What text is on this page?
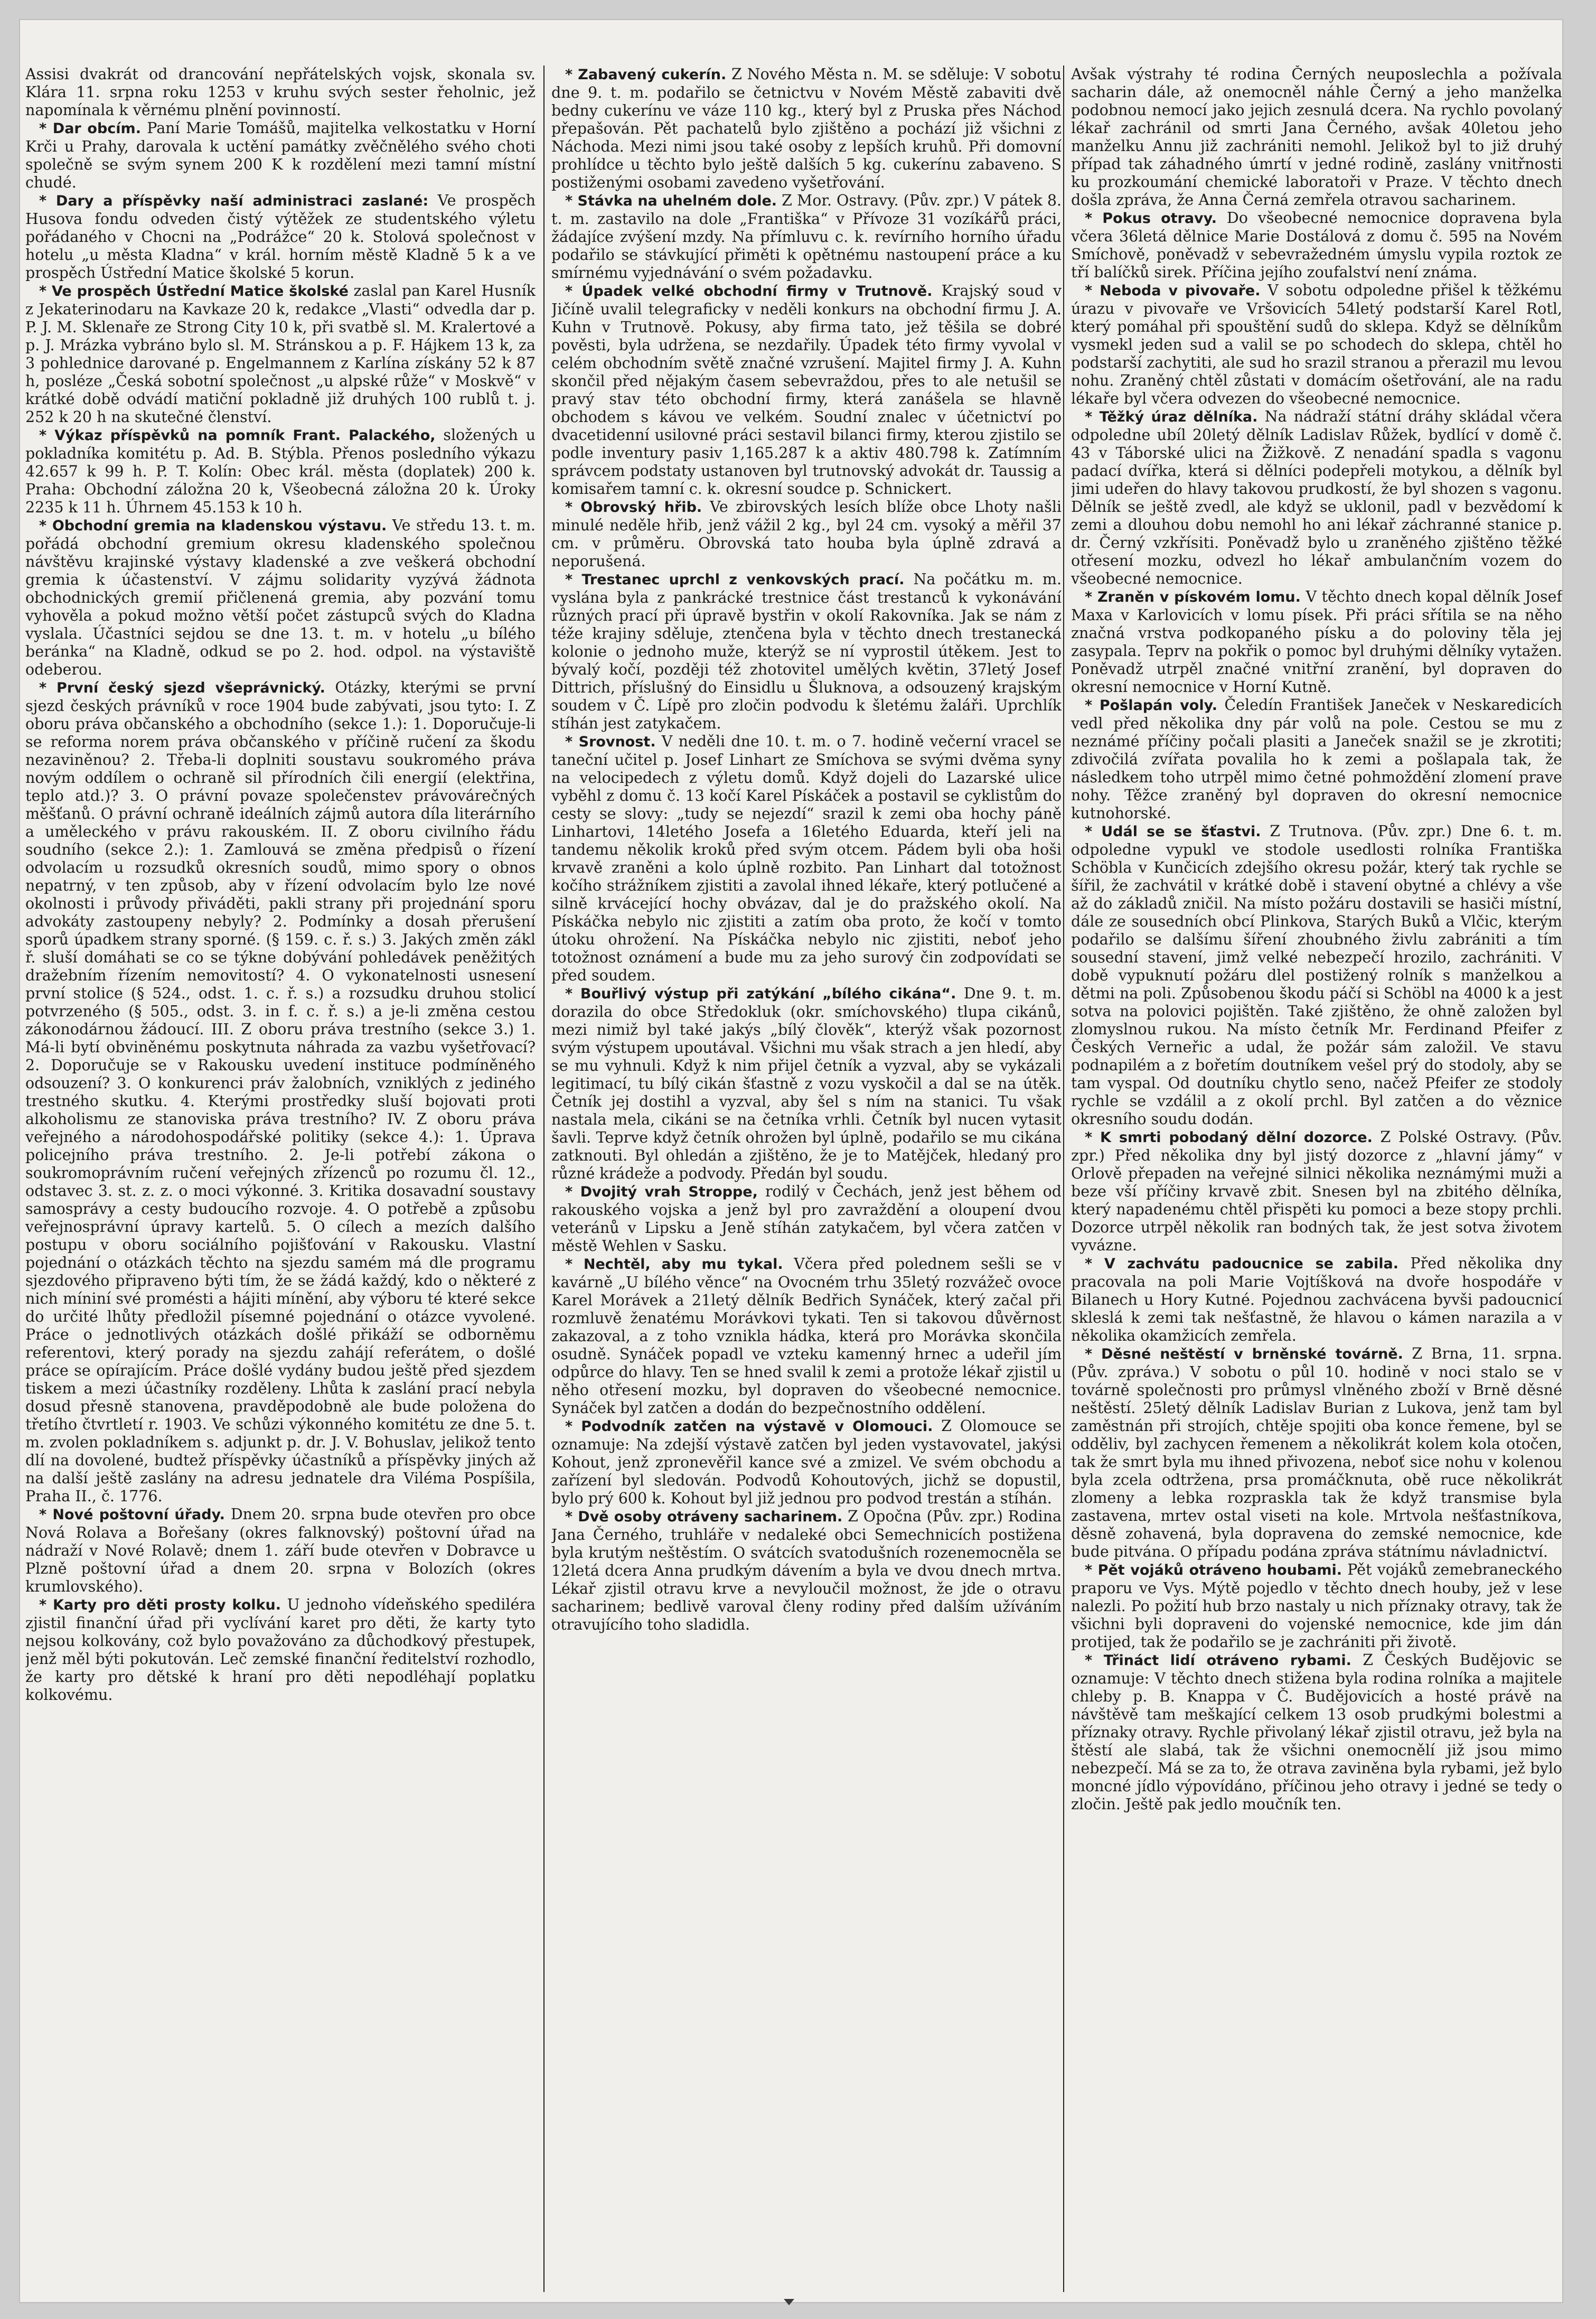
Assisi dvakrát od drancování nepřátelských vojsk, skonala sv. Klára 11. srpna roku 1253 v kruhu svých sester řeholnic, jež napomínala k věrnému plnění povinností.

* Dar obcím. Paní Marie Tomášů, majitelka velkostatku v Horní Krči u Prahy, darovala k uctění památky zvěčnělého svého choti společně se svým synem 200 K k rozdělení mezi tamní místní chudé.

* Dary a příspěvky naší administraci zaslané: Ve prospěch Husova fondu odveden čistý výtěžek ze studentského výletu pořádaného v Chocni na „Podrážce“ 20 k. Stolová společnost v hotelu „u města Kladna“ v král. horním městě Kladně 5 k a ve prospěch Ústřední Matice školské 5 korun.

* Ve prospěch Ústřední Matice školské zaslal pan Karel Husník z Jekaterinodaru na Kavkaze 20 k, redakce „Vlasti“ odvedla dar p. P. J. M. Sklenaře ze Strong City 10 k, při svatbě sl. M. Kralertové a p. J. Mrázka vybráno bylo sl. M. Stránskou a p. F. Hájkem 13 k, za 3 pohlednice darované p. Engelmannem z Karlína získány 52 k 87 h, posléze „Česká sobotní společnost „u alpské růže“ v Moskvě“ v krátké době odvádí matiční pokladně již druhých 100 rublů t. j. 252 k 20 h na skutečné členství.

* Výkaz příspěvků na pomník Frant. Palackého, složených u pokladníka komitétu p. Ad. B. Stýbla. Přenos posledního výkazu 42.657 k 99 h. P. T. Kolín: Obec král. města (doplatek) 200 k. Praha: Obchodní záložna 20 k, Všeobecná záložna 20 k. Úroky 2235 k 11 h. Úhrnem 45.153 k 10 h.

* Obchodní gremia na kladenskou výstavu. Ve středu 13. t. m. pořádá obchodní gremium okresu kladenského společnou návštěvu krajinské výstavy kladenské a zve veškerá obchodní gremia k účastenství. V zájmu solidarity vyzývá žádnota obchodnických gremií přičlenená gremia, aby pozvání tomu vyhověla a pokud možno větší počet zástupců svých do Kladna vyslala. Účastníci sejdou se dne 13. t. m. v hotelu „u bílého beránka“ na Kladně, odkud se po 2. hod. odpol. na výstaviště odeberou.

* První český sjezd všeprávnický. Otázky, kterými se první sjezd českých právníků v roce 1904 bude zabývati, jsou tyto: I. Z oboru práva občanského a obchodního (sekce 1.): 1. Doporučuje-li se reforma norem práva občanského v příčině ručení za škodu nezaviněnou? 2. Třeba-li doplniti soustavu soukromého práva novým oddílem o ochraně sil přírodních čili energií (elektřina, teplo atd.)? 3. O právní povaze společenstev právovárečných měšťanů. O právní ochraně ideálních zájmů autora díla literárního a uměleckého v právu rakouském. II. Z oboru civilního řádu soudního (sekce 2.): 1. Zamlouvá se změna předpisů o řízení odvolacím u rozsudků okresních soudů, mimo spory o obnos nepatrný, v ten způsob, aby v řízení odvolacím bylo lze nové okolnosti i průvody přiváděti, pakli strany při projednání sporu advokáty zastoupeny nebyly? 2. Podmínky a dosah přerušení sporů úpadkem strany sporné. (§ 159. c. ř. s.) 3. Jakých změn zákl ř. sluší domáhati se co se týkne dobývání pohledávek peněžitých dražebním řízením nemovitostí? 4. O vykonatelnosti usnesení první stolice (§ 524., odst. 1. c. ř. s.) a rozsudku druhou stolicí potvrzeného (§ 505., odst. 3. in f. c. ř. s.) a je-li změna cestou zákonodárnou žádoucí. III. Z oboru práva trestního (sekce 3.) 1. Má-li bytí obviněnému poskytnuta náhrada za vazbu vyšetřovací? 2. Doporučuje se v Rakousku uvedení instituce podmíněného odsouzení? 3. O konkurenci práv žalobních, vzniklých z jediného trestného skutku. 4. Kterými prostředky sluší bojovati proti alkoholismu ze stanoviska práva trestního? IV. Z oboru práva veřejného a národohospodářské politiky (sekce 4.): 1. Úprava policejního práva trestního. 2. Je-li potřebí zákona o soukromoprávním ručení veřejných zřízenců po rozumu čl. 12., odstavec 3. st. z. z. o moci výkonné. 3. Kritika dosavadní soustavy samosprávy a cesty budoucího rozvoje. 4. O potřebě a způsobu veřejnosprávní úpravy kartelů. 5. O cílech a mezích dalšího postupu v oboru sociálního pojišťování v Rakousku. Vlastní pojednání o otázkách těchto na sjezdu samém má dle programu sjezdového připraveno býti tím, že se žádá každý, kdo o některé z nich míniní své promésti a hájiti mínění, aby výboru té které sekce do určité lhůty předložil písemné pojednání o otázce vyvolené. Práce o jednotlivých otázkách došlé přikáží se odborněmu referentovi, který porady na sjezdu zahájí referátem, o došlé práce se opírajícím. Práce došlé vydány budou ještě před sjezdem tiskem a mezi účastníky rozděleny. Lhůta k zaslání prací nebyla dosud přesně stanovena, pravděpodobně ale bude položena do třetího čtvrtletí r. 1903. Ve schůzi výkonného komitétu ze dne 5. t. m. zvolen pokladníkem s. adjunkt p. dr. J. V. Bohuslav, jelikož tento dlí na dovolené, budtež příspěvky účastníků a příspěvky jiných až na další ještě zaslány na adresu jednatele dra Viléma Pospíšila, Praha II., č. 1776.

* Nové poštovní úřady. Dnem 20. srpna bude otevřen pro obce Nová Rolava a Bořešany (okres falknovský) poštovní úřad na nádraží v Nové Rolavě; dnem 1. září bude otevřen v Dobravce u Plzně poštovní úřad a dnem 20. srpna v Bolozích (okres krumlovského).

* Karty pro děti prosty kolku. U jednoho vídeňského spediléra zjistil finanční úřad při vyclívání karet pro děti, že karty tyto nejsou kolkovány, což bylo považováno za důchodkový přestupek, jenž měl býti pokutován. Leč zemské finanční ředitelství rozhodlo, že karty pro dětské k hraní pro děti nepodléhají poplatku kolkovému.

* Zabavený cukerín. Z Nového Města n. M. se sděluje: V sobotu dne 9. t. m. podařilo se četnictvu v Novém Městě zabaviti dvě bedny cukerínu ve váze 110 kg., který byl z Pruska přes Náchod přepašován. Pět pachatelů bylo zjištěno a pochází již všichni z Náchoda. Mezi nimi jsou také osoby z lepších kruhů. Při domovní prohlídce u těchto bylo ještě dalších 5 kg. cukerínu zabaveno. S postiženými osobami zavedeno vyšetřování.

* Stávka na uhelném dole. Z Mor. Ostravy. (Pův. zpr.) V pátek 8. t. m. zastavilo na dole „Františka“ v Přívoze 31 vozíkářů práci, žádajíce zvýšení mzdy. Na přímluvu c. k. revírního horního úřadu podařilo se stávkující přiměti k opětnému nastoupení práce a ku smírnému vyjednávání o svém požadavku.

* Úpadek velké obchodní firmy v Trutnově. Krajský soud v Jičíně uvalil telegraficky v neděli konkurs na obchodní firmu J. A. Kuhn v Trutnově. Pokusy, aby firma tato, jež těšila se dobré pověsti, byla udržena, se nezdařily. Úpadek této firmy vyvolal v celém obchodním světě značné vzrušení. Majitel firmy J. A. Kuhn skončil před nějakým časem sebevraždou, přes to ale netušil se pravý stav této obchodní firmy, která zanášela se hlavně obchodem s kávou ve velkém. Soudní znalec v účetnictví po dvacetidenní usilovné práci sestavil bilanci firmy, kterou zjistilo se podle inventury pasiv 1,165.287 k a aktiv 480.798 k. Zatímním správcem podstaty ustanoven byl trutnovský advokát dr. Taussig a komisařem tamní c. k. okresní soudce p. Schnickert.

* Obrovský hřib. Ve zbirovských lesích blíže obce Lhoty našli minulé neděle hřib, jenž vážil 2 kg., byl 24 cm. vysoký a měřil 37 cm. v průměru. Obrovská tato houba byla úplně zdravá a neporušená.

* Trestanec uprchl z venkovských prací. Na počátku m. m. vyslána byla z pankrácké trestnice část trestanců k vykonávání různých prací při úpravě bystřin v okolí Rakovníka. Jak se nám z téže krajiny sděluje, ztenčena byla v těchto dnech trestanecká kolonie o jednoho muže, kterýž se ní vyprostil útěkem. Jest to bývalý kočí, později též zhotovitel umělých květin, 37letý Josef Dittrich, příslušný do Einsidlu u Šluknova, a odsouzený krajským soudem v Č. Lípě pro zločin podvodu k šletému žaláři. Uprchlík stíhán jest zatykačem.

* Srovnost. V neděli dne 10. t. m. o 7. hodině večerní vracel se taneční učitel p. Josef Linhart ze Smíchova se svými dvěma syny na velocipedech z výletu domů. Když dojeli do Lazarské ulice vyběhl z domu č. 13 kočí Karel Pískáček a postavil se cyklistům do cesty se slovy: „tudy se nejezdí“ srazil k zemi oba hochy páně Linhartovi, 14letého Josefa a 16letého Eduarda, kteří jeli na tandemu několik kroků před svým otcem. Pádem byli oba hoši krvavě zraněni a kolo úplně rozbito. Pan Linhart dal totožnost kočího strážníkem zjistiti a zavolal ihned lékaře, který potlučené a silně krvácející hochy obvázav, dal je do pražského okolí. Na Pískáčka nebylo nic zjistiti a zatím oba proto, že kočí v tomto útoku ohrožení. Na Pískáčka nebylo nic zjistiti, neboť jeho totožnost oznámení a bude mu za jeho surový čin zodpovídati se před soudem.

* Bouřlivý výstup při zatýkání „bílého cikána“. Dne 9. t. m. dorazila do obce Středokluk (okr. smíchovského) tlupa cikánů, mezi nimiž byl také jakýs „bílý člověk“, kterýž však pozornost svým výstupem upoutával. Všichni mu však strach a jen hledí, aby se mu vyhnuli. Když k nim přijel četník a vyzval, aby se vykázali legitimací, tu bílý cikán šťastně z vozu vyskočil a dal se na útěk. Četník jej dostihl a vyzval, aby šel s ním na stanici. Tu však nastala mela, cikáni se na četníka vrhli. Četník byl nucen vytasit šavli. Teprve když četník ohrožen byl úplně, podařilo se mu cikána zatknouti. Byl ohledán a zjištěno, že je to Matějček, hledaný pro různé krádeže a podvody. Předán byl soudu.

* Dvojitý vrah Stroppe, rodilý v Čechách, jenž jest během od rakouského vojska a jenž byl pro zavraždění a oloupení dvou veteránů v Lipsku a Jeně stíhán zatykačem, byl včera zatčen v městě Wehlen v Sasku.

* Nechtěl, aby mu tykal. Včera před polednem sešli se v kavárně „U bílého věnce“ na Ovocném trhu 35letý rozvážeč ovoce Karel Morávek a 21letý dělník Bedřich Synáček, který začal při rozmluvě ženatému Morávkovi tykati. Ten si takovou důvěrnost zakazoval, a z toho vznikla hádka, která pro Morávka skončila osudně. Synáček popadl ve vzteku kamenný hrnec a udeřil jím odpůrce do hlavy. Ten se hned svalil k zemi a protože lékař zjistil u něho otřesení mozku, byl dopraven do všeobecné nemocnice. Synáček byl zatčen a dodán do bezpečnostního oddělení.

* Podvodník zatčen na výstavě v Olomouci. Z Olomouce se oznamuje: Na zdejší výstavě zatčen byl jeden vystavovatel, jakýsi Kohout, jenž zpronevěřil kance své a zmizel. Ve svém obchodu a zařízení byl sledován. Podvodů Kohoutových, jichž se dopustil, bylo prý 600 k. Kohout byl již jednou pro podvod trestán a stíhán.

* Dvě osoby otráveny sacharinem. Z Opočna (Pův. zpr.) Rodina Jana Černého, truhláře v nedaleké obci Semechnicích postižena byla krutým neštěstím. O svátcích svatodušních rozenemocněla se 12letá dcera Anna prudkým dávením a byla ve dvou dnech mrtva. Lékař zjistil otravu krve a nevyloučil možnost, že jde o otravu sacharinem; bedlivě varoval členy rodiny před dalším užíváním otravujícího toho sladidla.

Avšak výstrahy té rodina Černých neuposlechla a požívala sacharin dále, až onemocněl náhle Černý a jeho manželka podobnou nemocí jako jejich zesnulá dcera. Na rychlo povolaný lékař zachránil od smrti Jana Černého, avšak 40letou jeho manželku Annu již zachrániti nemohl. Jelikož byl to již druhý případ tak záhadného úmrtí v jedné rodině, zaslány vnitřnosti ku prozkoumání chemické laboratoři v Praze. V těchto dnech došla zpráva, že Anna Černá zemřela otravou sacharinem.

* Pokus otravy. Do všeobecné nemocnice dopravena byla včera 36letá dělnice Marie Dostálová z domu č. 595 na Novém Smíchově, poněvadž v sebevražedném úmyslu vypila roztok ze tří balíčků sirek. Příčina jejího zoufalství není známa.

* Neboda v pivovaře. V sobotu odpoledne přišel k těžkému úrazu v pivovaře ve Vršovicích 54letý podstarší Karel Rotl, který pomáhal při spouštění sudů do sklepa. Když se dělníkům vysmekl jeden sud a valil se po schodech do sklepa, chtěl ho podstarší zachytiti, ale sud ho srazil stranou a přerazil mu levou nohu. Zraněný chtěl zůstati v domácím ošetřování, ale na radu lékaře byl včera odvezen do všeobecné nemocnice.

* Těžký úraz dělníka. Na nádraží státní dráhy skládal včera odpoledne ubíl 20letý dělník Ladislav Růžek, bydlící v domě č. 43 v Táborské ulici na Žižkově. Z nenadání spadla s vagonu padací dvířka, která si dělníci podepřeli motykou, a dělník byl jimi udeřen do hlavy takovou prudkostí, že byl shozen s vagonu. Dělník se ještě zvedl, ale když se uklonil, padl v bezvědomí k zemi a dlouhou dobu nemohl ho ani lékař záchranné stanice p. dr. Černý vzkřísiti. Poněvadž bylo u zraněného zjištěno těžké otřesení mozku, odvezl ho lékař ambulančním vozem do všeobecné nemocnice.

* Zraněn v pískovém lomu. V těchto dnech kopal dělník Josef Maxa v Karlovicích v lomu písek. Při práci sřítila se na něho značná vrstva podkopaného písku a do poloviny těla jej zasypala. Teprv na pokřik o pomoc byl druhými dělníky vytažen. Poněvadž utrpěl značné vnitřní zranění, byl dopraven do okresní nemocnice v Horní Kutně.

* Pošlapán voly. Čeledín František Janeček v Neskaredicích vedl před několika dny pár volů na pole. Cestou se mu z neznámé příčiny počali plasiti a Janeček snažil se je zkrotiti; zdivočilá zvířata povalila ho k zemi a pošlapala tak, že následkem toho utrpěl mimo četné pohmoždění zlomení prave nohy. Těžce zraněný byl dopraven do okresní nemocnice kutnohorské.

* Udál se se šťastvi. Z Trutnova. (Pův. zpr.) Dne 6. t. m. odpoledne vypukl ve stodole usedlosti rolníka Františka Schöbla v Kunčicích zdejšího okresu požár, který tak rychle se šířil, že zachvátil v krátké době i stavení obytné a chlévy a vše až do základů zničil. Na místo požáru dostavili se hasiči místní, dále ze sousedních obcí Plinkova, Starých Buků a Vlčic, kterým podařilo se dalšímu šíření zhoubného živlu zabrániti a tím sousední stavení, jimž velké nebezpečí hrozilo, zachrániti. V době vypuknutí požáru dlel postižený rolník s manželkou a dětmi na poli. Způsobenou škodu páčí si Schöbl na 4000 k a jest sotva na polovici pojištěn. Také zjištěno, že ohně založen byl zlomyslnou rukou. Na místo četník Mr. Ferdinand Pfeifer z Českých Verneřic a udal, že požár sám založil. Ve stavu podnapilém a z bořetím doutníkem vešel prý do stodoly, aby se tam vyspal. Od doutníku chytlo seno, načež Pfeifer ze stodoly rychle se vzdálil a z okolí prchl. Byl zatčen a do věznice okresního soudu dodán.

* K smrti pobodaný dělní dozorce. Z Polské Ostravy. (Pův. zpr.) Před několika dny byl jistý dozorce z „hlavní jámy“ v Orlově přepaden na veřejné silnici několika neznámými muži a beze vší příčiny krvavě zbit. Snesen byl na zbitého dělníka, který napadenému chtěl přispěti ku pomoci a beze stopy prchli. Dozorce utrpěl několik ran bodných tak, že jest sotva životem vyvázne.

* V zachvátu padoucnice se zabila. Před několika dny pracovala na poli Marie Vojtíšková na dvoře hospodáře v Bilanech u Hory Kutné. Pojednou zachvácena byvši padoucnicí skleslá k zemi tak nešťastně, že hlavou o kámen narazila a v několika okamžicích zemřela.

* Děsné neštěstí v brněnské továrně. Z Brna, 11. srpna. (Pův. zpráva.) V sobotu o půl 10. hodině v noci stalo se v továrně společnosti pro průmysl vlněného zboží v Brně děsné neštěstí. 25letý dělník Ladislav Burian z Lukova, jenž tam byl zaměstnán při strojích, chtěje spojiti oba konce řemene, byl se odděliv, byl zachycen řemenem a několikrát kolem kola otočen, tak že smrt byla mu ihned přivozena, neboť sice nohu v kolenou byla zcela odtržena, prsa promáčknuta, obě ruce několikrát zlomeny a lebka rozpraskla tak že když transmise byla zastavena, mrtev ostal viseti na kole. Mrtvola nešťastníkova, děsně zohavená, byla dopravena do zemské nemocnice, kde bude pitvána. O případu podána zpráva státnímu návladnictví.

* Pět vojáků otráveno houbami. Pět vojáků zemebraneckého praporu ve Vys. Mýtě pojedlo v těchto dnech houby, jež v lese nalezli. Po požití hub brzo nastaly u nich příznaky otravy, tak že všichni byli dopraveni do vojenské nemocnice, kde jim dán protijed, tak že podařilo se je zachrániti při životě.

* Třináct lidí otráveno rybami. Z Českých Budějovic se oznamuje: V těchto dnech stižena byla rodina rolníka a majitele chleby p. B. Knappa v Č. Budějovicích a hosté právě na návštěvě tam meškající celkem 13 osob prudkými bolestmi a příznaky otravy. Rychle přivolaný lékař zjistil otravu, jež byla na štěstí ale slabá, tak že všichni onemocnělí již jsou mimo nebezpečí. Má se za to, že otrava zaviněna byla rybami, jež bylo moncné jídlo výpovídáno, příčinou jeho otravy i jedné se tedy o zločin. Ještě pak jedlo moučník ten.
